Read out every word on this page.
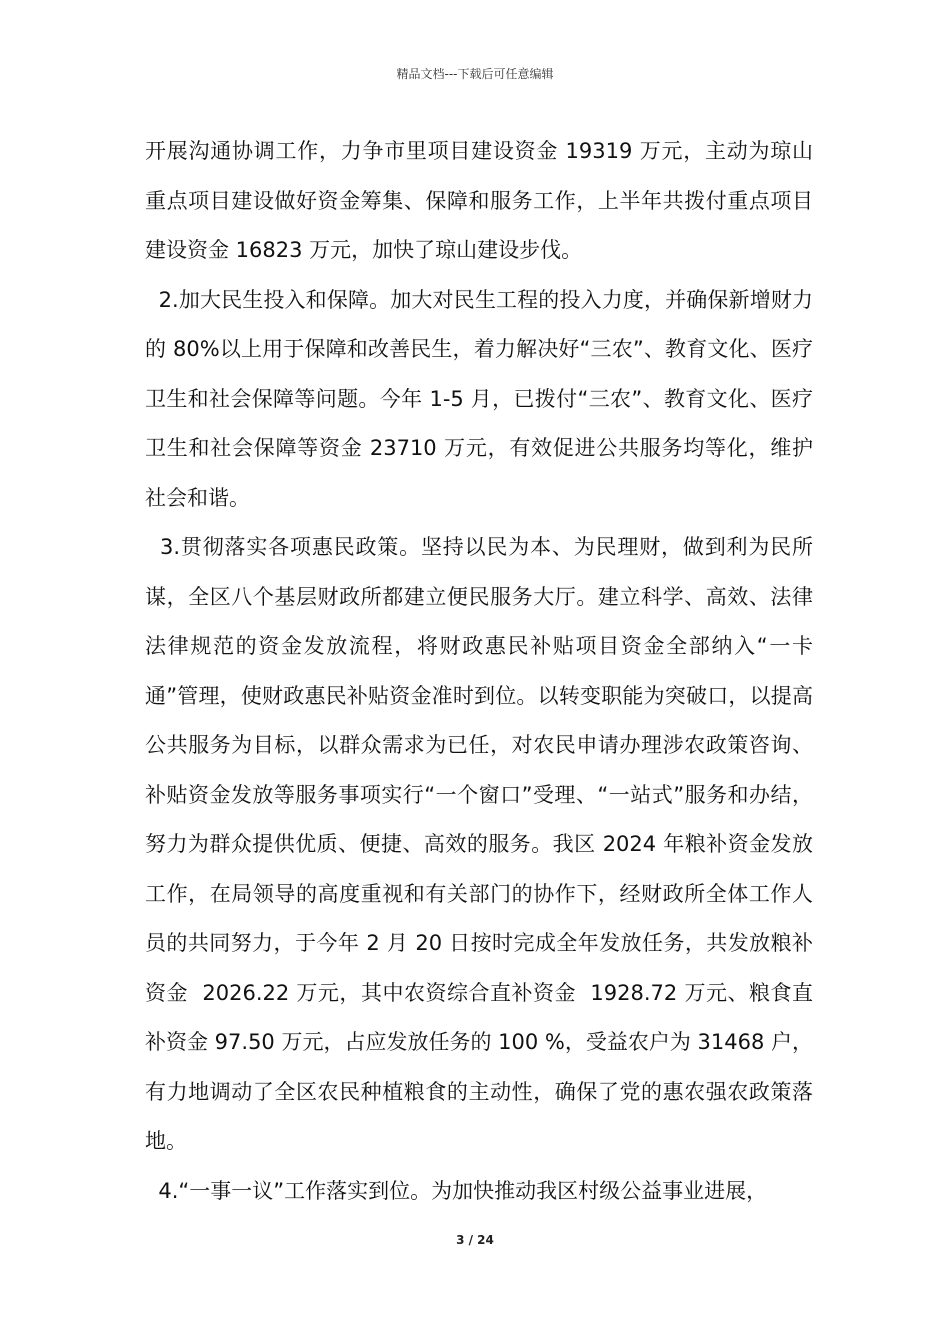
精品文档---下载后可任意编辑

开展沟通协调工作，力争市里项目建设资金 19319 万元，主动为琼山重点项目建设做好资金筹集、保障和服务工作，上半年共拨付重点项目建设资金 16823 万元，加快了琼山建设步伐。

2.加大民生投入和保障。加大对民生工程的投入力度，并确保新增财力的 80%以上用于保障和改善民生，着力解决好“三农”、教育文化、医疗卫生和社会保障等问题。今年 1-5 月，已拨付“三农”、教育文化、医疗卫生和社会保障等资金 23710 万元，有效促进公共服务均等化，维护社会和谐。

3.贯彻落实各项惠民政策。坚持以民为本、为民理财，做到利为民所谋，全区八个基层财政所都建立便民服务大厅。建立科学、高效、法律法律规范的资金发放流程，将财政惠民补贴项目资金全部纳入“一卡通”管理，使财政惠民补贴资金准时到位。以转变职能为突破口，以提高公共服务为目标，以群众需求为已任，对农民申请办理涉农政策咨询、补贴资金发放等服务事项实行“一个窗口”受理、“一站式”服务和办结，努力为群众提供优质、便捷、高效的服务。我区 2024 年粮补资金发放工作，在局领导的高度重视和有关部门的协作下，经财政所全体工作人员的共同努力，于今年 2 月 20 日按时完成全年发放任务，共发放粮补资金  2026.22 万元，其中农资综合直补资金  1928.72 万元、粮食直补资金 97.50 万元，占应发放任务的 100 %，受益农户为 31468 户，有力地调动了全区农民种植粮食的主动性，确保了党的惠农强农政策落地。

4.“一事一议”工作落实到位。为加快推动我区村级公益事业进展，

3 / 24
